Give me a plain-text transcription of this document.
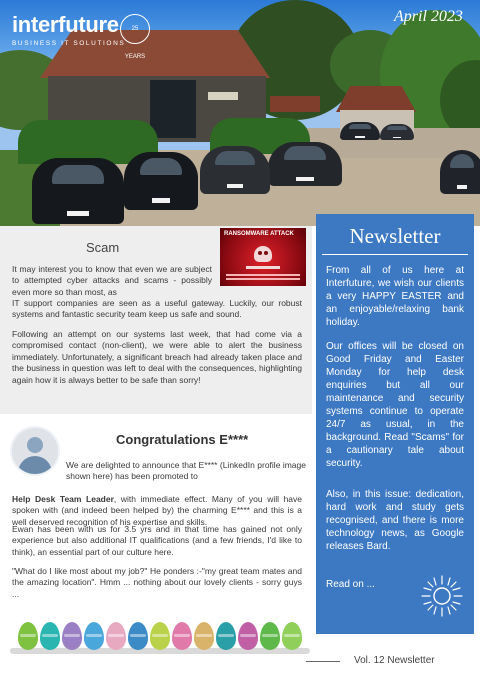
interfuture
BUSINESS IT SOLUTIONS
25 YEARS
April 2023
RANSOMWARE ATTACK
Scam
It may interest you to know that even we are subject to attempted cyber attacks and scams - possibly even more so than most, as
IT support companies are seen as a useful gateway. Luckily, our robust systems and fantastic security team keep us safe and sound.
Following an attempt on our systems last week, that had come via a compromised contact (non-client), we were able to alert the business immediately. Unfortunately, a significant breach had already taken place and the business in question was left to deal with the consequences, highlighting again how it is always better to be safe than sorry!
Congratulations E****
We are delighted to announce that E**** (LinkedIn profile image shown here) has been promoted to
Help Desk Team Leader, with immediate effect. Many of you will have spoken with (and indeed been helped by) the charming E**** and this is a well deserved recognition of his expertise and skills.
Ewan has been with us for 3.5 yrs and in that time has gained not only experience but also additional IT qualifications (and a few friends, I'd like to think), an essential part of our culture here.
"What do I like most about my job?" He ponders :-"my great team mates and the amazing location". Hmm ... nothing about our lovely clients - sorry guys ...
Newsletter
From all of us here at Interfuture, we wish our clients a very HAPPY EASTER and an enjoyable/relaxing bank holiday.
Our offices will be closed on Good Friday and Easter Monday for help desk enquiries but all our maintenance and security systems continue to operate 24/7 as usual, in the background. Read "Scams" for a cautionary tale about security.
Also, in this issue: dedication, hard work and study gets recognised, and there is more technology news, as Google releases Bard.
Read on ...
Vol. 12 Newsletter
